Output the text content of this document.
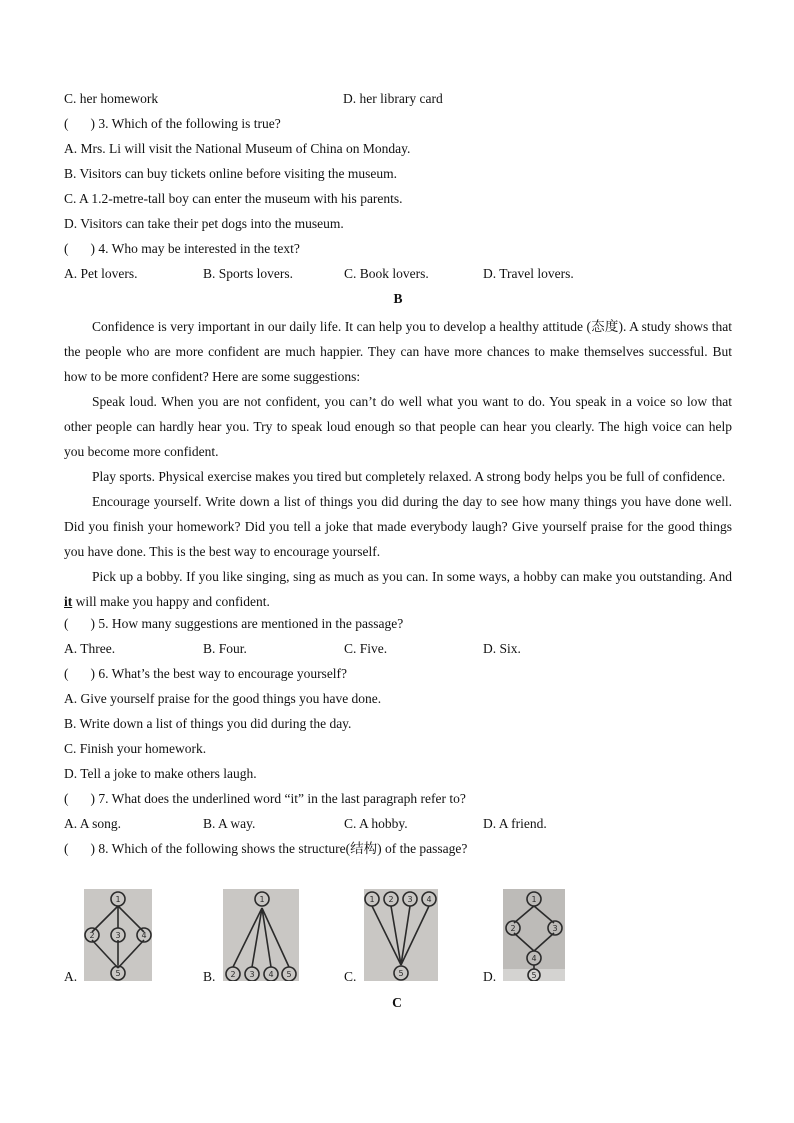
C. her homework	D. her library card
( ) 3. Which of the following is true?
A. Mrs. Li will visit the National Museum of China on Monday.
B. Visitors can buy tickets online before visiting the museum.
C. A 1.2-metre-tall boy can enter the museum with his parents.
D. Visitors can take their pet dogs into the museum.
( ) 4. Who may be interested in the text?
A. Pet lovers.	B. Sports lovers.	C. Book lovers.	D. Travel lovers.
B
Confidence is very important in our daily life. It can help you to develop a healthy attitude (态度). A study shows that the people who are more confident are much happier. They can have more chances to make themselves successful. But how to be more confident? Here are some suggestions:
Speak loud. When you are not confident, you can’t do well what you want to do. You speak in a voice so low that other people can hardly hear you. Try to speak loud enough so that people can hear you clearly. The high voice can help you become more confident.
Play sports. Physical exercise makes you tired but completely relaxed. A strong body helps you be full of confidence.
Encourage yourself. Write down a list of things you did during the day to see how many things you have done well. Did you finish your homework? Did you tell a joke that made everybody laugh? Give yourself praise for the good things you have done. This is the best way to encourage yourself.
Pick up a bobby. If you like singing, sing as much as you can. In some ways, a hobby can make you outstanding. And it will make you happy and confident.
( ) 5. How many suggestions are mentioned in the passage?
A. Three.	B. Four.	C. Five.	D. Six.
( ) 6. What’s the best way to encourage yourself?
A. Give yourself praise for the good things you have done.
B. Write down a list of things you did during the day.
C. Finish your homework.
D. Tell a joke to make others laugh.
( ) 7. What does the underlined word “it” in the last paragraph refer to?
A. A song.	B. A way.	C. A hobby.	D. A friend.
( ) 8. Which of the following shows the structure(结构) of the passage?
A.
1
2	3	4
5	B.
1
2 3 4 5	C.
1 2 3 4
5	D.
1
2	3
4
5
C
